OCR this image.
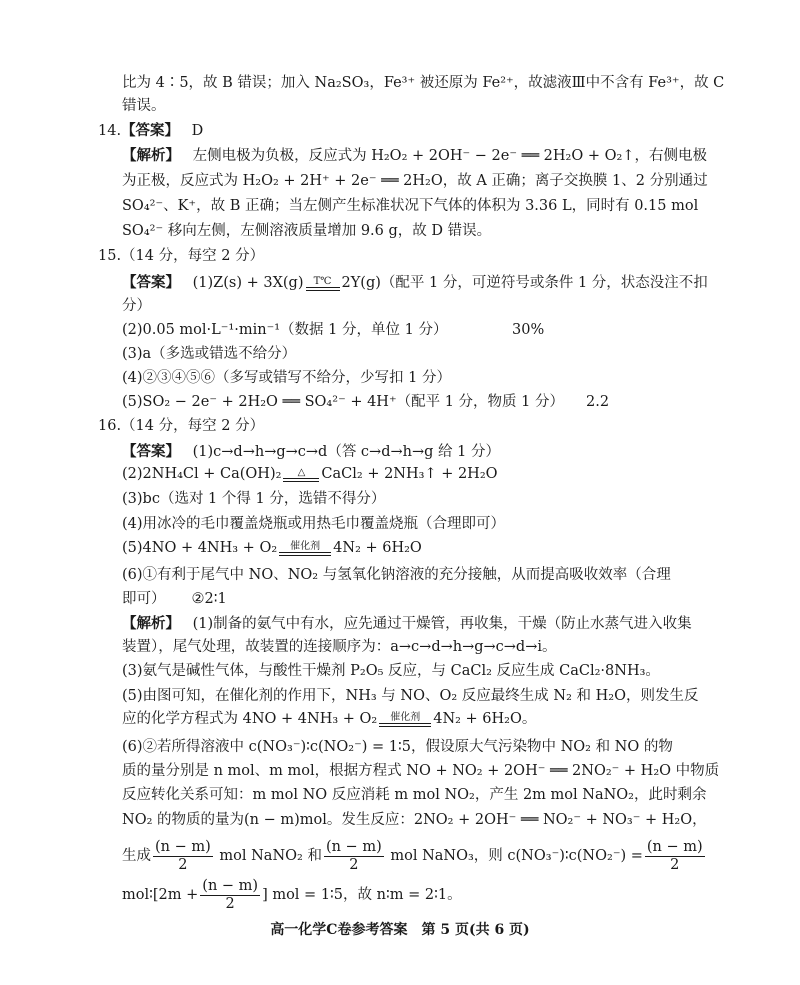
比为 4∶5，故 B 错误；加入 Na₂SO₃，Fe³⁺ 被还原为 Fe²⁺，故滤液Ⅲ中不含有 Fe³⁺，故 C
错误。
14.【答案】 D
【解析】 左侧电极为负极，反应式为 H₂O₂ + 2OH⁻ − 2e⁻ ══ 2H₂O + O₂↑，右侧电极
为正极，反应式为 H₂O₂ + 2H⁺ + 2e⁻ ══ 2H₂O，故 A 正确；离子交换膜 1、2 分别通过
SO₄²⁻、K⁺，故 B 正确；当左侧产生标准状况下气体的体积为 3.36 L，同时有 0.15 mol
SO₄²⁻ 移向左侧，左侧溶液质量增加 9.6 g，故 D 错误。
15.（14 分，每空 2 分）
【答案】 (1)Z(s) + 3X(g)	T℃ 2Y(g)（配平 1 分，可逆符号或条件 1 分，状态没注不扣
分）
(2)0.05 mol·L⁻¹·min⁻¹（数据 1 分，单位 1 分）	30%
(3)a（多选或错选不给分）
(4)②③④⑤⑥（多写或错写不给分，少写扣 1 分）
(5)SO₂ − 2e⁻ + 2H₂O ══ SO₄²⁻ + 4H⁺（配平 1 分，物质 1 分） 2.2
16.（14 分，每空 2 分）
【答案】 (1)c→d→h→g→c→d（答 c→d→h→g 给 1 分）
(2)2NH₄Cl + Ca(OH)₂	△	CaCl₂ + 2NH₃↑ + 2H₂O
(3)bc（选对 1 个得 1 分，选错不得分）
(4)用冰冷的毛巾覆盖烧瓶或用热毛巾覆盖烧瓶（合理即可）
(5)4NO + 4NH₃ + O₂	催化剂 4N₂ + 6H₂O
(6)①有利于尾气中 NO、NO₂ 与氢氧化钠溶液的充分接触，从而提高吸收效率（合理
即可） ②2∶1
【解析】 (1)制备的氨气中有水，应先通过干燥管，再收集，干燥（防止水蒸气进入收集
装置），尾气处理，故装置的连接顺序为：a→c→d→h→g→c→d→i。
(3)氨气是碱性气体，与酸性干燥剂 P₂O₅ 反应，与 CaCl₂ 反应生成 CaCl₂·8NH₃。
(5)由图可知，在催化剂的作用下，NH₃ 与 NO、O₂ 反应最终生成 N₂ 和 H₂O，则发生反
应的化学方程式为 4NO + 4NH₃ + O₂	催化剂 4N₂ + 6H₂O。
(6)②若所得溶液中 c(NO₃⁻)∶c(NO₂⁻) = 1∶5，假设原大气污染物中 NO₂ 和 NO 的物
质的量分别是 n mol、m mol，根据方程式 NO + NO₂ + 2OH⁻ ══ 2NO₂⁻ + H₂O 中物质
反应转化关系可知：m mol NO 反应消耗 m mol NO₂，产生 2m mol NaNO₂，此时剩余
NO₂ 的物质的量为(n − m)mol。发生反应：2NO₂ + 2OH⁻ ══ NO₂⁻ + NO₃⁻ + H₂O，
生成 $\frac{(n - m)}{2}$ mol NaNO₂ 和 $\frac{(n - m)}{2}$ mol NaNO₃，则 c(NO₃⁻)∶c(NO₂⁻) = $\frac{(n - m)}{2}$
mol∶[2m + $\frac{(n - m)}{2}$ ] mol = 1∶5，故 n∶m = 2∶1。
高一化学C卷参考答案　第 5 页(共 6 页)
